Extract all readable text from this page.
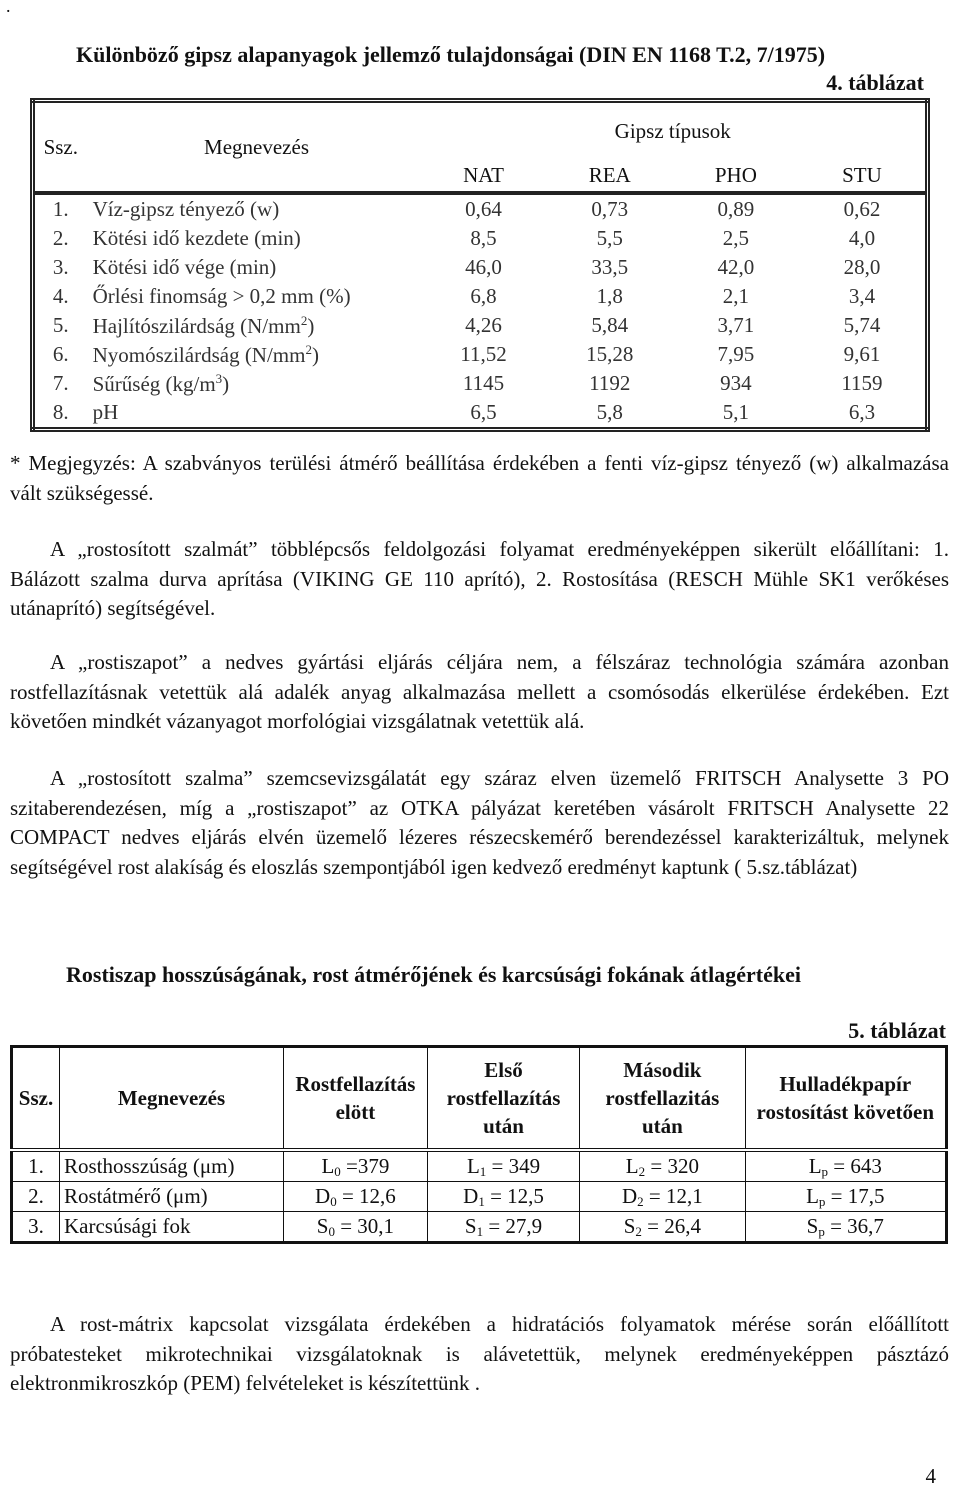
.
Különböző gipsz alapanyagok jellemző tulajdonságai (DIN EN 1168 T.2, 7/1975)
4. táblázat
Ssz.	Megnevezés	Gipsz típusok			
		NAT	REA	PHO	STU
1.	Víz-gipsz tényező (w)	0,64	0,73	0,89	0,62
2.	Kötési idő kezdete (min)	8,5	5,5	2,5	4,0
3.	Kötési idő vége (min)	46,0	33,5	42,0	28,0
4.	Őrlési finomság > 0,2 mm (%)	6,8	1,8	2,1	3,4
5.	Hajlítószilárdság $(N/mm^2)$	4,26	5,84	3,71	5,74
6.	Nyomószilárdság $(N/mm^2)$	11,52	15,28	7,95	9,61
7.	Sűrűség $(kg/m^3)$	1145	1192	934	1159
8.	pH	6,5	5,8	5,1	6,3
* Megjegyzés: A szabványos terülési átmérő beállítása érdekében a fenti víz-gipsz tényező (w) alkalmazása vált szükségessé.
A „rostosított szalmát” többlépcsős feldolgozási folyamat eredményeképpen sikerült előállítani: 1. Bálázott szalma durva aprítása (VIKING GE 110 aprító), 2. Rostosítása (RESCH Mühle SK1 verőkéses utánaprító) segítségével.
A „rostiszapot” a nedves gyártási eljárás céljára nem, a félszáraz technológia számára azonban rostfellazításnak vetettük alá adalék anyag alkalmazása mellett a csomósodás elkerülése érdekében. Ezt követően mindkét vázanyagot morfológiai vizsgálatnak vetettük alá.
A „rostosított szalma” szemcsevizsgálatát egy száraz elven üzemelő FRITSCH Analysette 3 PO szitaberendezésen, míg a „rostiszapot” az OTKA pályázat keretében vásárolt FRITSCH Analysette 22 COMPACT nedves eljárás elvén üzemelő lézeres részecskemérő berendezéssel karakterizáltuk, melynek segítségével rost alakíság és eloszlás szempontjából igen kedvező eredményt kaptunk ( 5.sz.táblázat)
Rostiszap hosszúságának, rost átmérőjének és karcsúsági fokának átlagértékei
5. táblázat
Ssz.	Megnevezés	Rostfellazítás elött	Első rostfellazítás után	Második rostfellazitás után	Hulladékpapír rostosítást követően
1.	Rosthosszúság (μm)	$L_0 =379$	$L_1 = 349$	$L_2 = 320$	$L_p = 643$
2.	Rostátmérő (μm)	$D_0 = 12,6$	$D_1 = 12,5$	$D_2 = 12,1$	$L_p = 17,5$
3.	Karcsúsági fok	$S_0 = 30,1$	$S_1 = 27,9$	$S_2 = 26,4$	$S_p = 36,7$
A rost-mátrix kapcsolat vizsgálata érdekében a hidratációs folyamatok mérése során előállított próbatesteket mikrotechnikai vizsgálatoknak is alávetettük, melynek eredményeképpen pásztázó elektronmikroszkóp (PEM) felvételeket is készítettünk .
4
